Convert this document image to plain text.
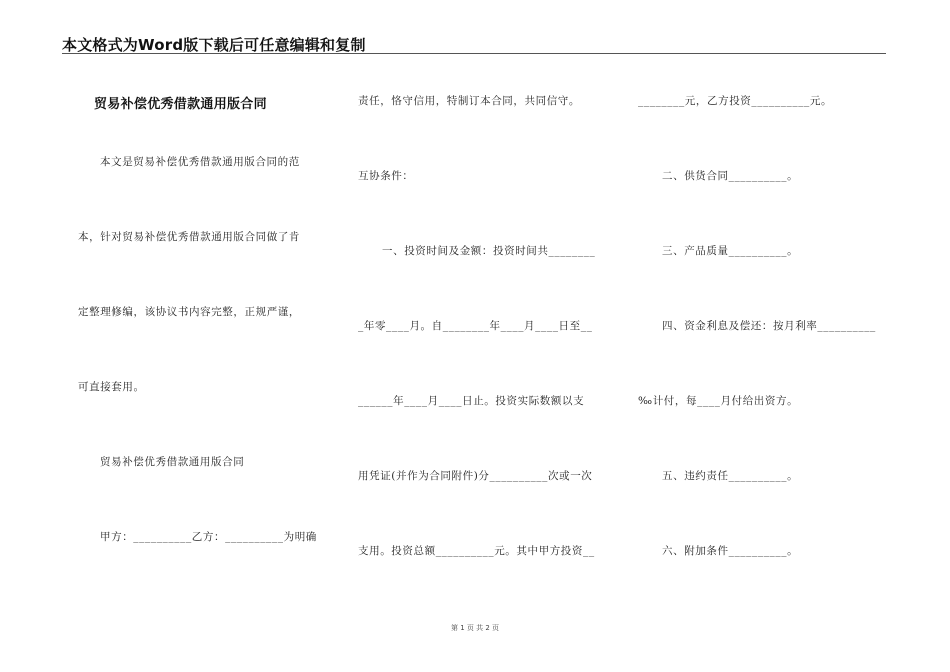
本文格式为Word版下载后可任意编辑和复制
贸易补偿优秀借款通用版合同
本文是贸易补偿优秀借款通用版合同的范
本，针对贸易补偿优秀借款通用版合同做了肯
定整理修编，该协议书内容完整，正规严谨，
可直接套用。
贸易补偿优秀借款通用版合同
甲方：__________乙方：__________为明确
责任，恪守信用，特制订本合同，共同信守。
互协条件：
一、投资时间及金额：投资时间共________
_年零____月。自________年____月____日至__
______年____月____日止。投资实际数额以支
用凭证(并作为合同附件)分__________次或一次
支用。投资总额__________元。其中甲方投资__
________元，乙方投资__________元。
二、供货合同__________。
三、产品质量__________。
四、资金利息及偿还：按月利率__________
‰计付，每____月付给出资方。
五、违约责任__________。
六、附加条件__________。
第 1 页 共 2 页
